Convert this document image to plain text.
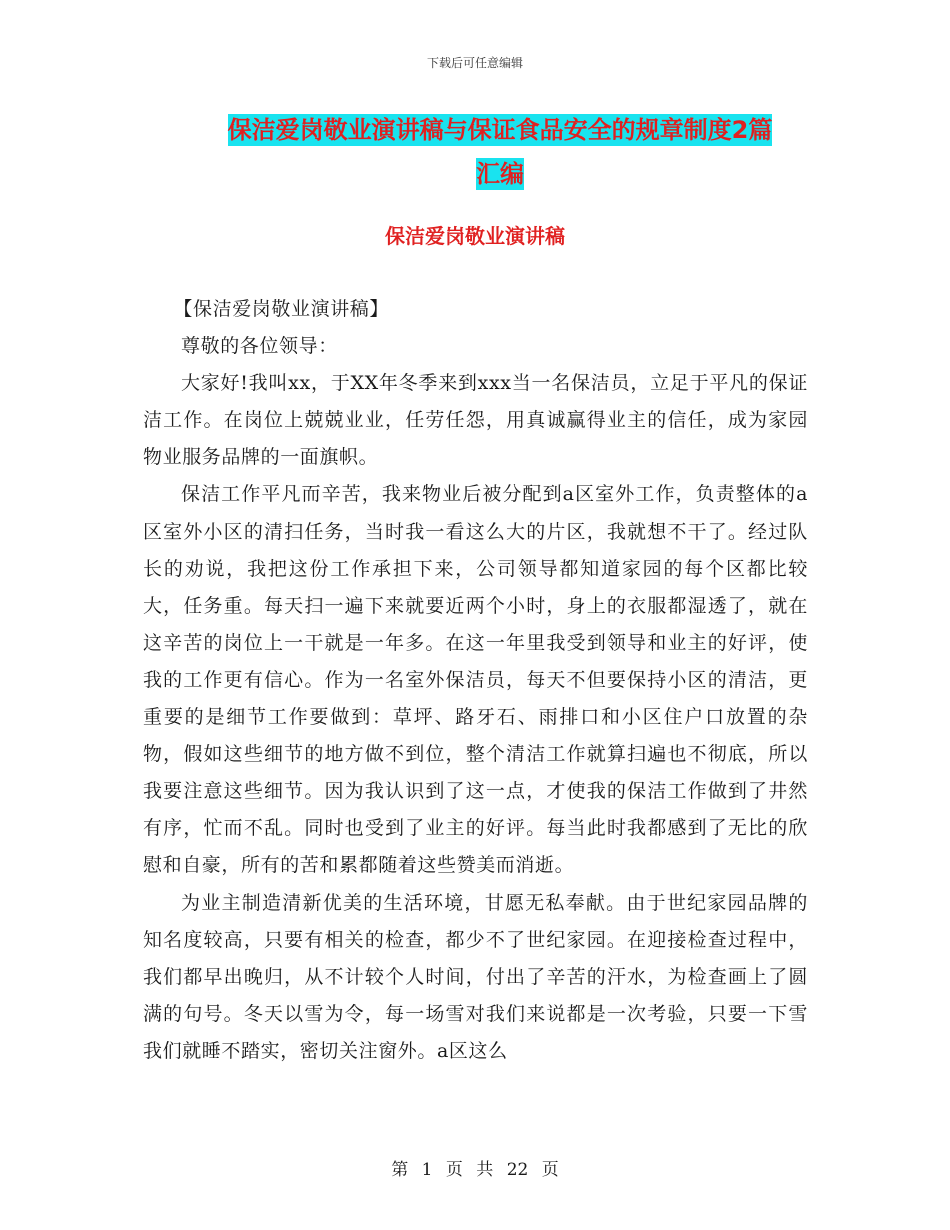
下载后可任意编辑
保洁爱岗敬业演讲稿与保证食品安全的规章制度2篇
汇编
保洁爱岗敬业演讲稿

【保洁爱岗敬业演讲稿】

尊敬的各位领导：

大家好!我叫xx，于XX年冬季来到xxx当一名保洁员，立足于平凡的保证洁工作。在岗位上兢兢业业，任劳任怨，用真诚赢得业主的信任，成为家园物业服务品牌的一面旗帜。

保洁工作平凡而辛苦，我来物业后被分配到a区室外工作，负责整体的a区室外小区的清扫任务，当时我一看这么大的片区，我就想不干了。经过队长的劝说，我把这份工作承担下来，公司领导都知道家园的每个区都比较大，任务重。每天扫一遍下来就要近两个小时，身上的衣服都湿透了，就在这辛苦的岗位上一干就是一年多。在这一年里我受到领导和业主的好评，使我的工作更有信心。作为一名室外保洁员，每天不但要保持小区的清洁，更重要的是细节工作要做到：草坪、路牙石、雨排口和小区住户口放置的杂物，假如这些细节的地方做不到位，整个清洁工作就算扫遍也不彻底，所以我要注意这些细节。因为我认识到了这一点，才使我的保洁工作做到了井然有序，忙而不乱。同时也受到了业主的好评。每当此时我都感到了无比的欣慰和自豪，所有的苦和累都随着这些赞美而消逝。

为业主制造清新优美的生活环境，甘愿无私奉献。由于世纪家园品牌的知名度较高，只要有相关的检查，都少不了世纪家园。在迎接检查过程中，我们都早出晚归，从不计较个人时间，付出了辛苦的汗水，为检查画上了圆满的句号。冬天以雪为令，每一场雪对我们来说都是一次考验，只要一下雪我们就睡不踏实，密切关注窗外。a区这么

第 1 页 共 22 页
